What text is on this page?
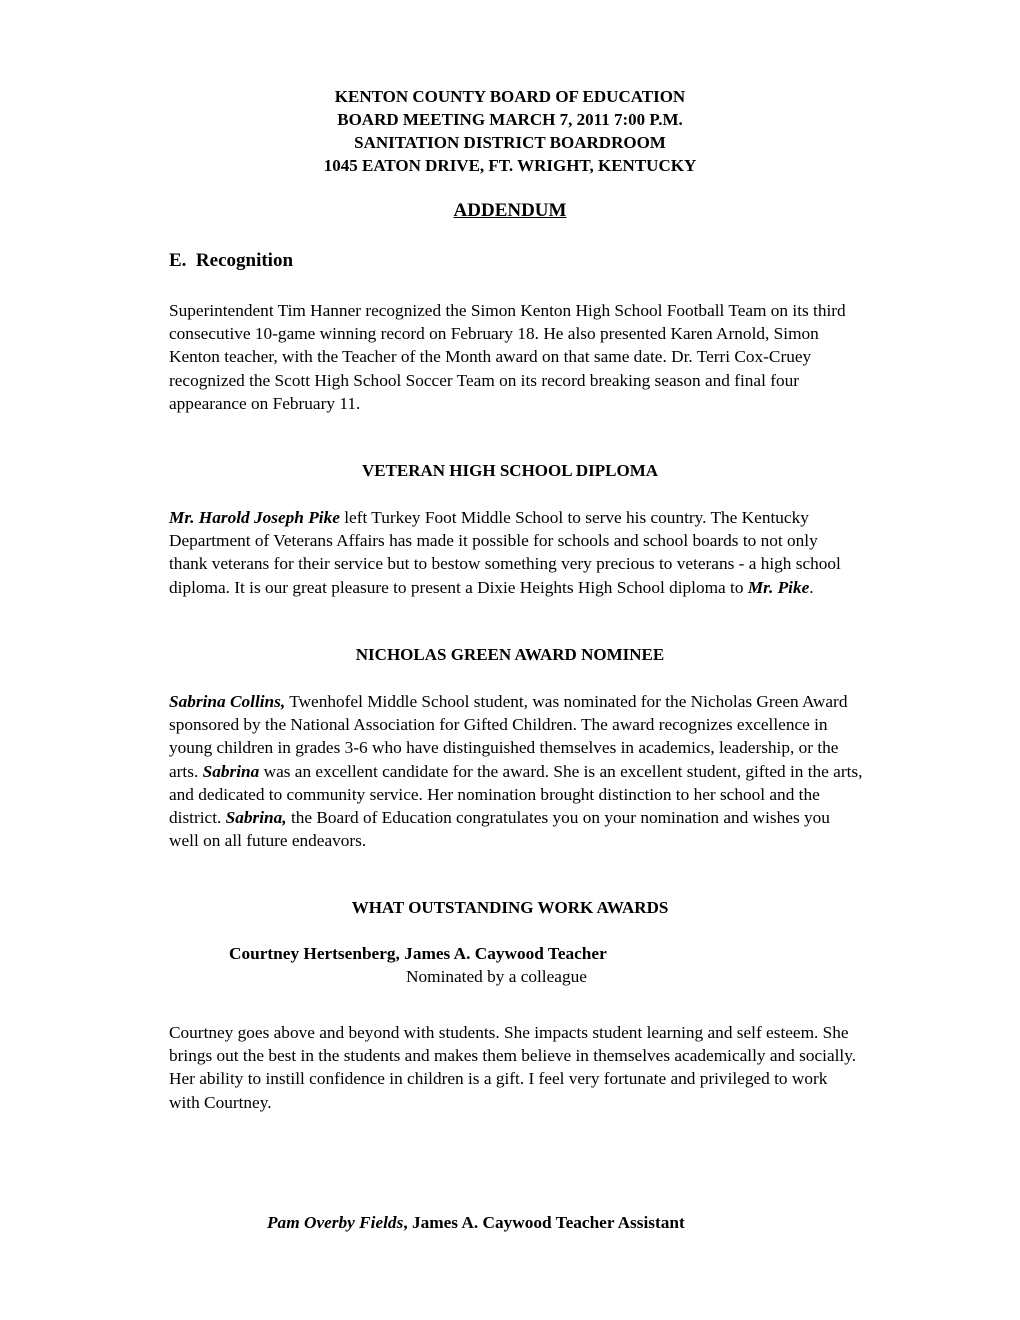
KENTON COUNTY BOARD OF EDUCATION
BOARD MEETING MARCH 7, 2011 7:00 P.M.
SANITATION DISTRICT BOARDROOM
1045 EATON DRIVE, FT. WRIGHT, KENTUCKY
ADDENDUM
E.  Recognition
Superintendent Tim Hanner recognized the Simon Kenton High School Football Team on its third
consecutive 10-game winning record on February 18. He also presented Karen Arnold, Simon
Kenton teacher, with the Teacher of the Month award on that same date. Dr. Terri Cox-Cruey
recognized the Scott High School Soccer Team on its record breaking season and final four
appearance on February 11.
VETERAN HIGH SCHOOL DIPLOMA
Mr. Harold Joseph Pike left Turkey Foot Middle School to serve his country. The Kentucky
Department of Veterans Affairs has made it possible for schools and school boards to not only
thank veterans for their service but to bestow something very precious to veterans - a high school
diploma. It is our great pleasure to present a Dixie Heights High School diploma to Mr. Pike.
NICHOLAS GREEN AWARD NOMINEE
Sabrina Collins, Twenhofel Middle School student, was nominated for the Nicholas Green Award
sponsored by the National Association for Gifted Children. The award recognizes excellence in
young children in grades 3-6 who have distinguished themselves in academics, leadership, or the
arts. Sabrina was an excellent candidate for the award. She is an excellent student, gifted in the arts,
and dedicated to community service. Her nomination brought distinction to her school and the
district. Sabrina, the Board of Education congratulates you on your nomination and wishes you
well on all future endeavors.
WHAT OUTSTANDING WORK AWARDS
Courtney Hertsenberg, James A. Caywood Teacher
Nominated by a colleague
Courtney goes above and beyond with students. She impacts student learning and self esteem. She
brings out the best in the students and makes them believe in themselves academically and socially.
Her ability to instill confidence in children is a gift. I feel very fortunate and privileged to work
with Courtney.
Pam Overby Fields, James A. Caywood Teacher Assistant
